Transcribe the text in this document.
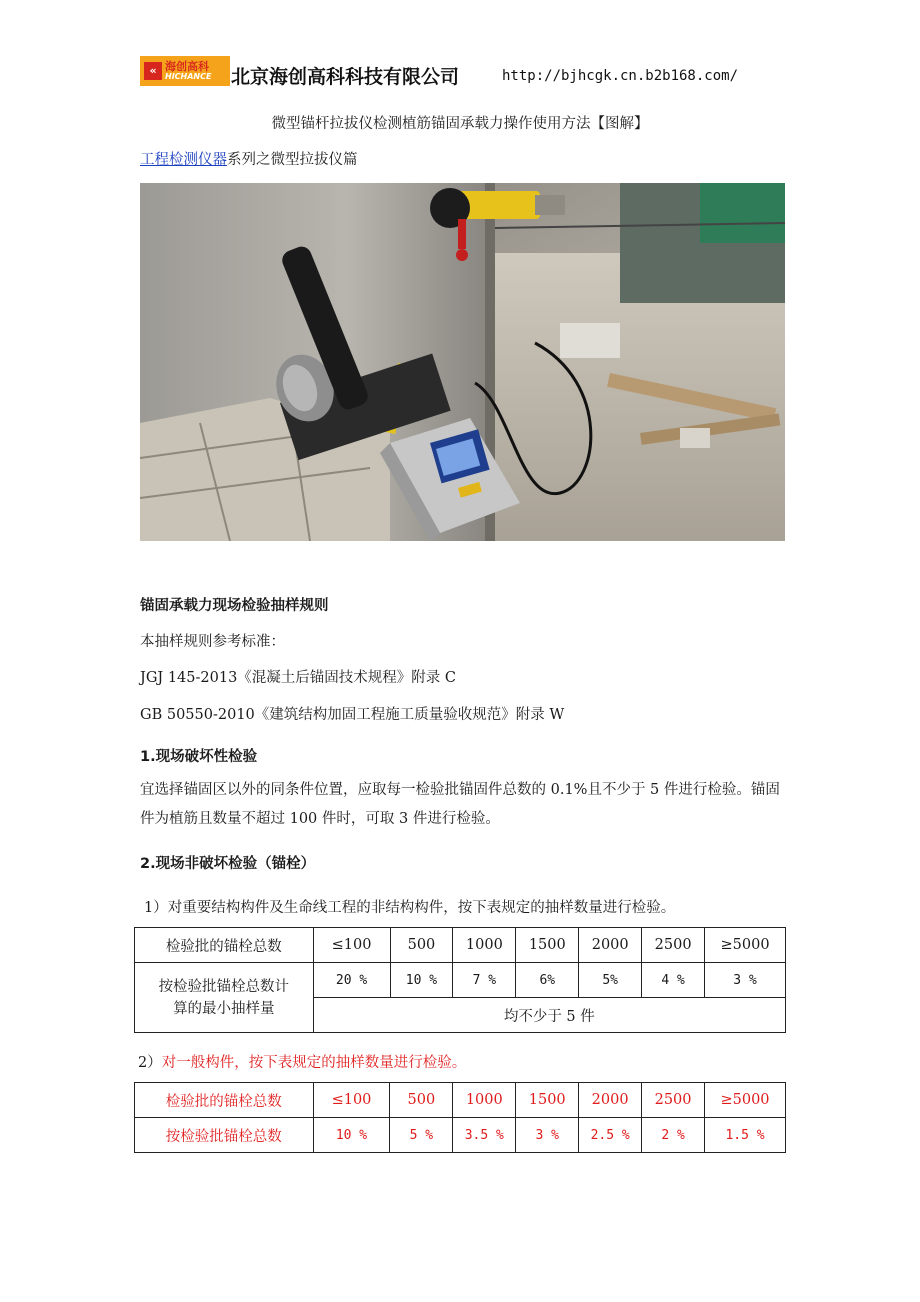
« 海创高科
HICHANCE 北京海创高科科技有限公司	http://bjhcgk.cn.b2b168.com/
微型锚杆拉拔仪检测植筋锚固承载力操作使用方法【图解】
工程检测仪器系列之微型拉拔仪篇
锚固承载力现场检验抽样规则
本抽样规则参考标准：
JGJ 145-2013《混凝土后锚固技术规程》附录 C
GB 50550-2010《建筑结构加固工程施工质量验收规范》附录 W
1.现场破坏性检验
宜选择锚固区以外的同条件位置，应取每一检验批锚固件总数的 0.1%且不少于 5 件进行检验。锚固件为植筋且数量不超过 100 件时，可取 3 件进行检验。
2.现场非破坏检验（锚栓）
1）对重要结构构件及生命线工程的非结构构件，按下表规定的抽样数量进行检验。
检验批的锚栓总数	≤100	500	1000	1500	2000	2500	≥5000
按检验批锚栓总数计算的最小抽样量	20 %	10 %	7 %	6%	5%	4 %	3 %
	均不少于 5 件						
2）对一般构件，按下表规定的抽样数量进行检验。
检验批的锚栓总数	≤100	500	1000	1500	2000	2500	≥5000
按检验批锚栓总数	10 %	5 %	3.5 %	3 %	2.5 %	2 %	1.5 %
